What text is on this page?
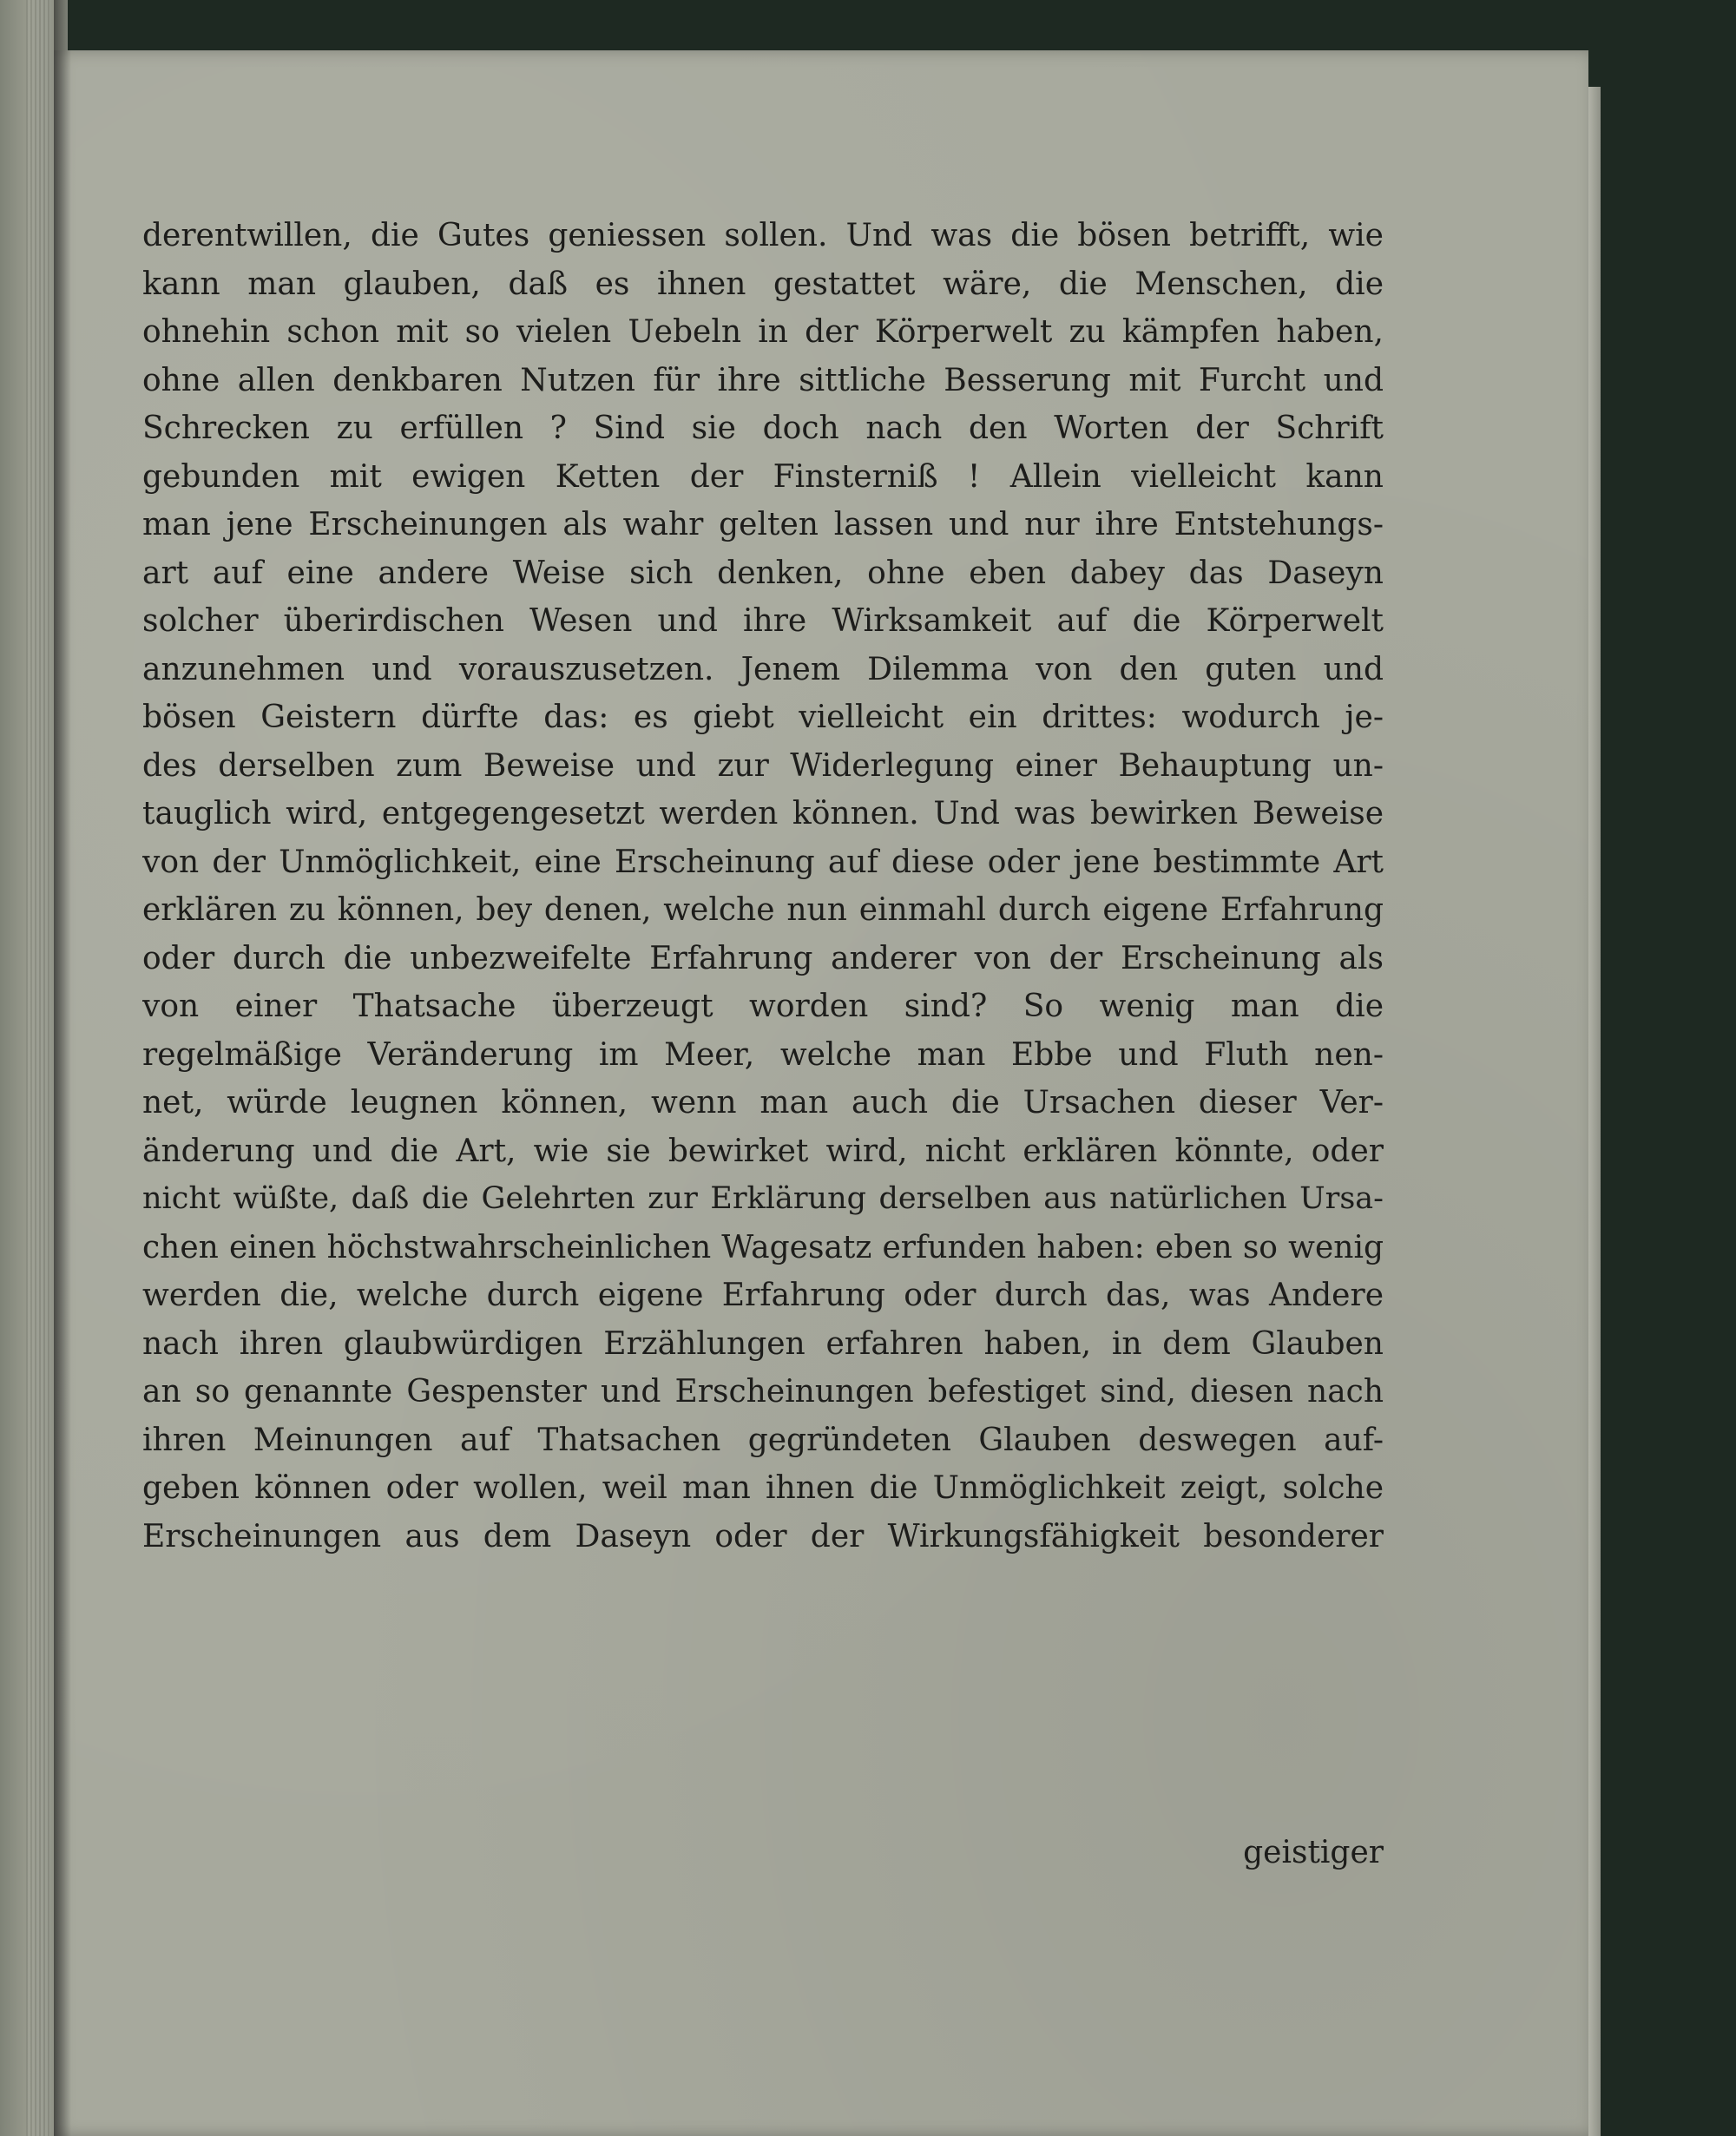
derentwillen, die Gutes geniessen sollen. Und was die bösen betrifft, wie
kann man glauben, daß es ihnen gestattet wäre, die Menschen, die
ohnehin schon mit so vielen Uebeln in der Körperwelt zu kämpfen haben,
ohne allen denkbaren Nutzen für ihre sittliche Besserung mit Furcht und
Schrecken zu erfüllen ? Sind sie doch nach den Worten der Schrift
gebunden mit ewigen Ketten der Finsterniß ! Allein vielleicht kann
man jene Erscheinungen als wahr gelten lassen und nur ihre Entstehungs-
art auf eine andere Weise sich denken, ohne eben dabey das Daseyn
solcher überirdischen Wesen und ihre Wirksamkeit auf die Körperwelt
anzunehmen und vorauszusetzen. Jenem Dilemma von den guten und
bösen Geistern dürfte das: es giebt vielleicht ein drittes: wodurch je-
des derselben zum Beweise und zur Widerlegung einer Behauptung un-
tauglich wird, entgegengesetzt werden können. Und was bewirken Beweise
von der Unmöglichkeit, eine Erscheinung auf diese oder jene bestimmte Art
erklären zu können, bey denen, welche nun einmahl durch eigene Erfahrung
oder durch die unbezweifelte Erfahrung anderer von der Erscheinung als
von einer Thatsache überzeugt worden sind? So wenig man die
regelmäßige Veränderung im Meer, welche man Ebbe und Fluth nen-
net, würde leugnen können, wenn man auch die Ursachen dieser Ver-
änderung und die Art, wie sie bewirket wird, nicht erklären könnte, oder
nicht wüßte, daß die Gelehrten zur Erklärung derselben aus natürlichen Ursa-
chen einen höchstwahrscheinlichen Wagesatz erfunden haben: eben so wenig
werden die, welche durch eigene Erfahrung oder durch das, was Andere
nach ihren glaubwürdigen Erzählungen erfahren haben, in dem Glauben
an so genannte Gespenster und Erscheinungen befestiget sind, diesen nach
ihren Meinungen auf Thatsachen gegründeten Glauben deswegen auf-
geben können oder wollen, weil man ihnen die Unmöglichkeit zeigt, solche
Erscheinungen aus dem Daseyn oder der Wirkungsfähigkeit besonderer
geistiger
